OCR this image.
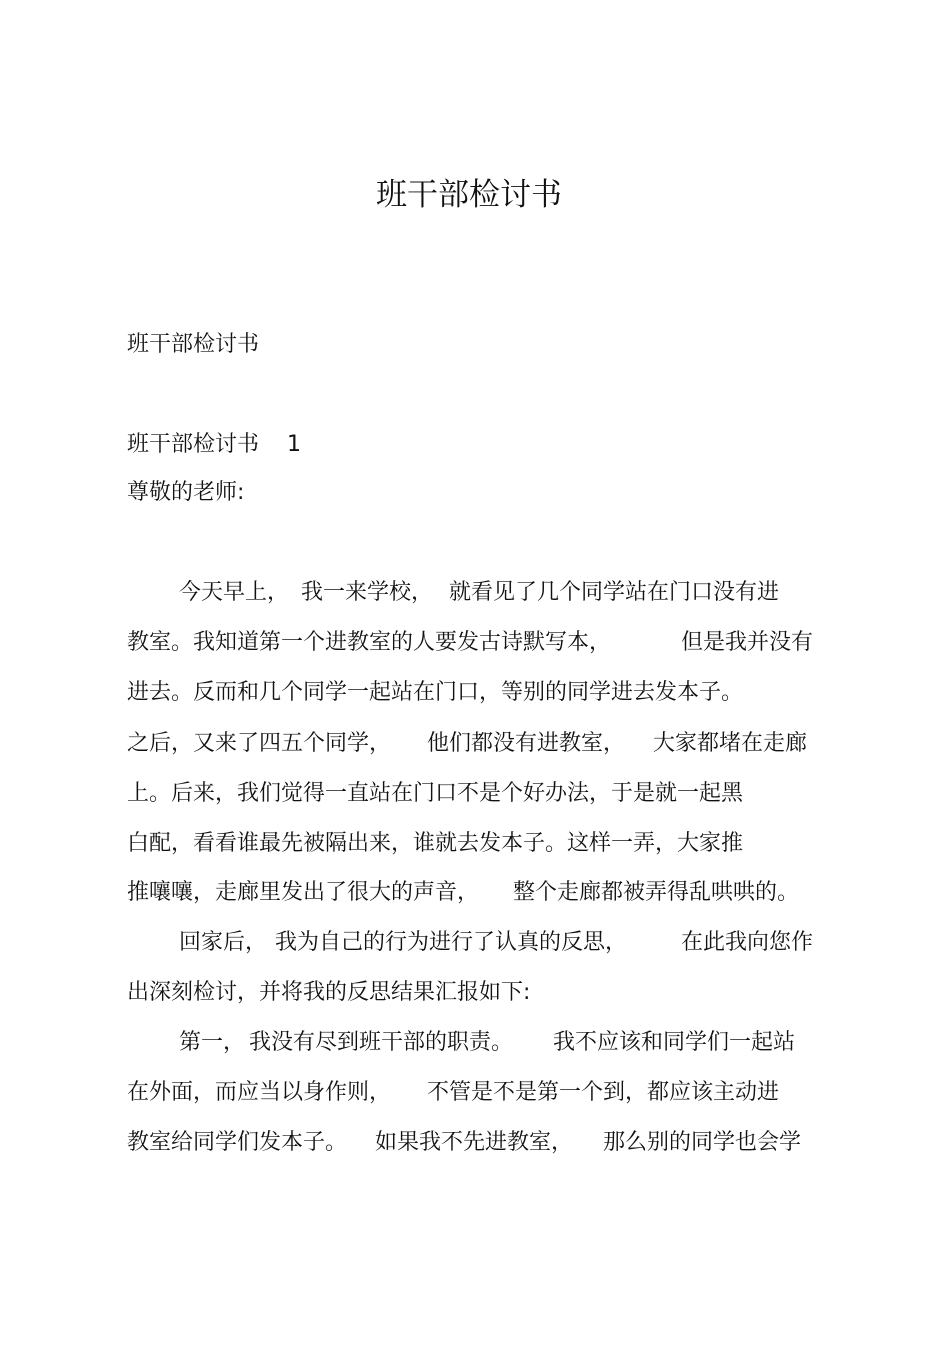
班干部检讨书
班干部检讨书
班干部检讨书 1
尊敬的老师:
今天早上， 我一来学校， 就看见了几个同学站在门口没有进
教室。我知道第一个进教室的人要发古诗默写本，	但是我并没有
进去。反而和几个同学一起站在门口，等别的同学进去发本子。
之后，又来了四五个同学， 他们都没有进教室， 大家都堵在走廊
上。后来，我们觉得一直站在门口不是个好办法，于是就一起黑
白配，看看谁最先被隔出来，谁就去发本子。这样一弄，大家推
推嚷嚷，走廊里发出了很大的声音， 整个走廊都被弄得乱哄哄的。
回家后， 我为自己的行为进行了认真的反思， 在此我向您作
出深刻检讨，并将我的反思结果汇报如下:
第一， 我没有尽到班干部的职责。 我不应该和同学们一起站
在外面，而应当以身作则， 不管是不是第一个到，都应该主动进
教室给同学们发本子。 如果我不先进教室， 那么别的同学也会学
